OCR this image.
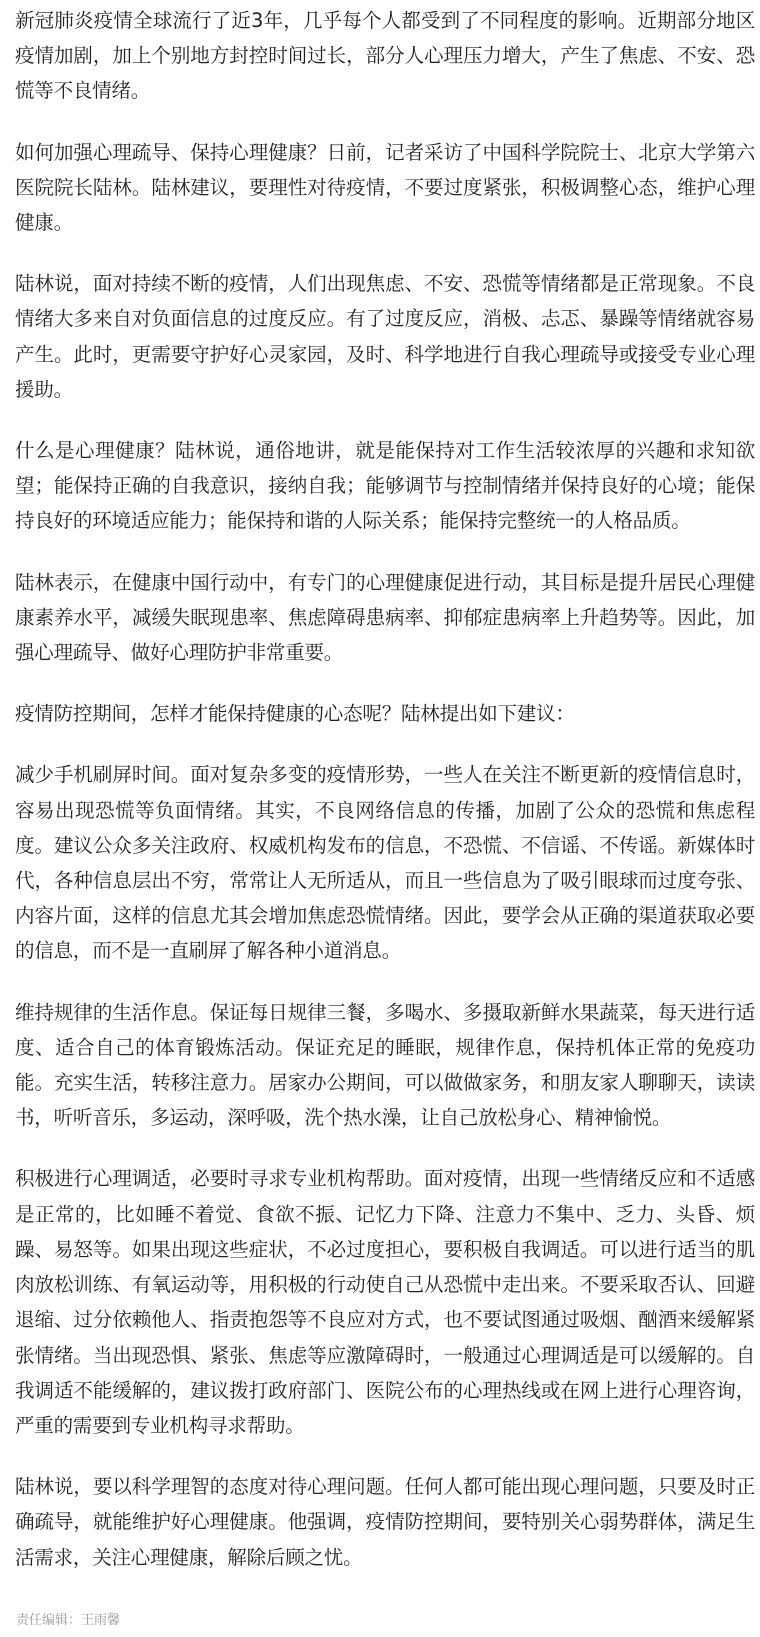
新冠肺炎疫情全球流行了近3年，几乎每个人都受到了不同程度的影响。近期部分地区疫情加剧，加上个别地方封控时间过长，部分人心理压力增大，产生了焦虑、不安、恐慌等不良情绪。

如何加强心理疏导、保持心理健康？日前，记者采访了中国科学院院士、北京大学第六医院院长陆林。陆林建议，要理性对待疫情，不要过度紧张，积极调整心态，维护心理健康。

陆林说，面对持续不断的疫情，人们出现焦虑、不安、恐慌等情绪都是正常现象。不良情绪大多来自对负面信息的过度反应。有了过度反应，消极、忐忑、暴躁等情绪就容易产生。此时，更需要守护好心灵家园，及时、科学地进行自我心理疏导或接受专业心理援助。

什么是心理健康？陆林说，通俗地讲，就是能保持对工作生活较浓厚的兴趣和求知欲望；能保持正确的自我意识，接纳自我；能够调节与控制情绪并保持良好的心境；能保持良好的环境适应能力；能保持和谐的人际关系；能保持完整统一的人格品质。

陆林表示，在健康中国行动中，有专门的心理健康促进行动，其目标是提升居民心理健康素养水平，减缓失眠现患率、焦虑障碍患病率、抑郁症患病率上升趋势等。因此，加强心理疏导、做好心理防护非常重要。

疫情防控期间，怎样才能保持健康的心态呢？陆林提出如下建议：

减少手机刷屏时间。面对复杂多变的疫情形势，一些人在关注不断更新的疫情信息时，容易出现恐慌等负面情绪。其实，不良网络信息的传播，加剧了公众的恐慌和焦虑程度。建议公众多关注政府、权威机构发布的信息，不恐慌、不信谣、不传谣。新媒体时代，各种信息层出不穷，常常让人无所适从，而且一些信息为了吸引眼球而过度夸张、内容片面，这样的信息尤其会增加焦虑恐慌情绪。因此，要学会从正确的渠道获取必要的信息，而不是一直刷屏了解各种小道消息。

维持规律的生活作息。保证每日规律三餐，多喝水、多摄取新鲜水果蔬菜，每天进行适度、适合自己的体育锻炼活动。保证充足的睡眠，规律作息，保持机体正常的免疫功能。充实生活，转移注意力。居家办公期间，可以做做家务，和朋友家人聊聊天，读读书，听听音乐，多运动，深呼吸，洗个热水澡，让自己放松身心、精神愉悦。

积极进行心理调适，必要时寻求专业机构帮助。面对疫情，出现一些情绪反应和不适感是正常的，比如睡不着觉、食欲不振、记忆力下降、注意力不集中、乏力、头昏、烦躁、易怒等。如果出现这些症状，不必过度担心，要积极自我调适。可以进行适当的肌肉放松训练、有氧运动等，用积极的行动使自己从恐慌中走出来。不要采取否认、回避退缩、过分依赖他人、指责抱怨等不良应对方式，也不要试图通过吸烟、酗酒来缓解紧张情绪。当出现恐惧、紧张、焦虑等应激障碍时，一般通过心理调适是可以缓解的。自我调适不能缓解的，建议拨打政府部门、医院公布的心理热线或在网上进行心理咨询，严重的需要到专业机构寻求帮助。

陆林说，要以科学理智的态度对待心理问题。任何人都可能出现心理问题，只要及时正确疏导，就能维护好心理健康。他强调，疫情防控期间，要特别关心弱势群体，满足生活需求，关注心理健康，解除后顾之忧。

责任编辑：王雨馨
